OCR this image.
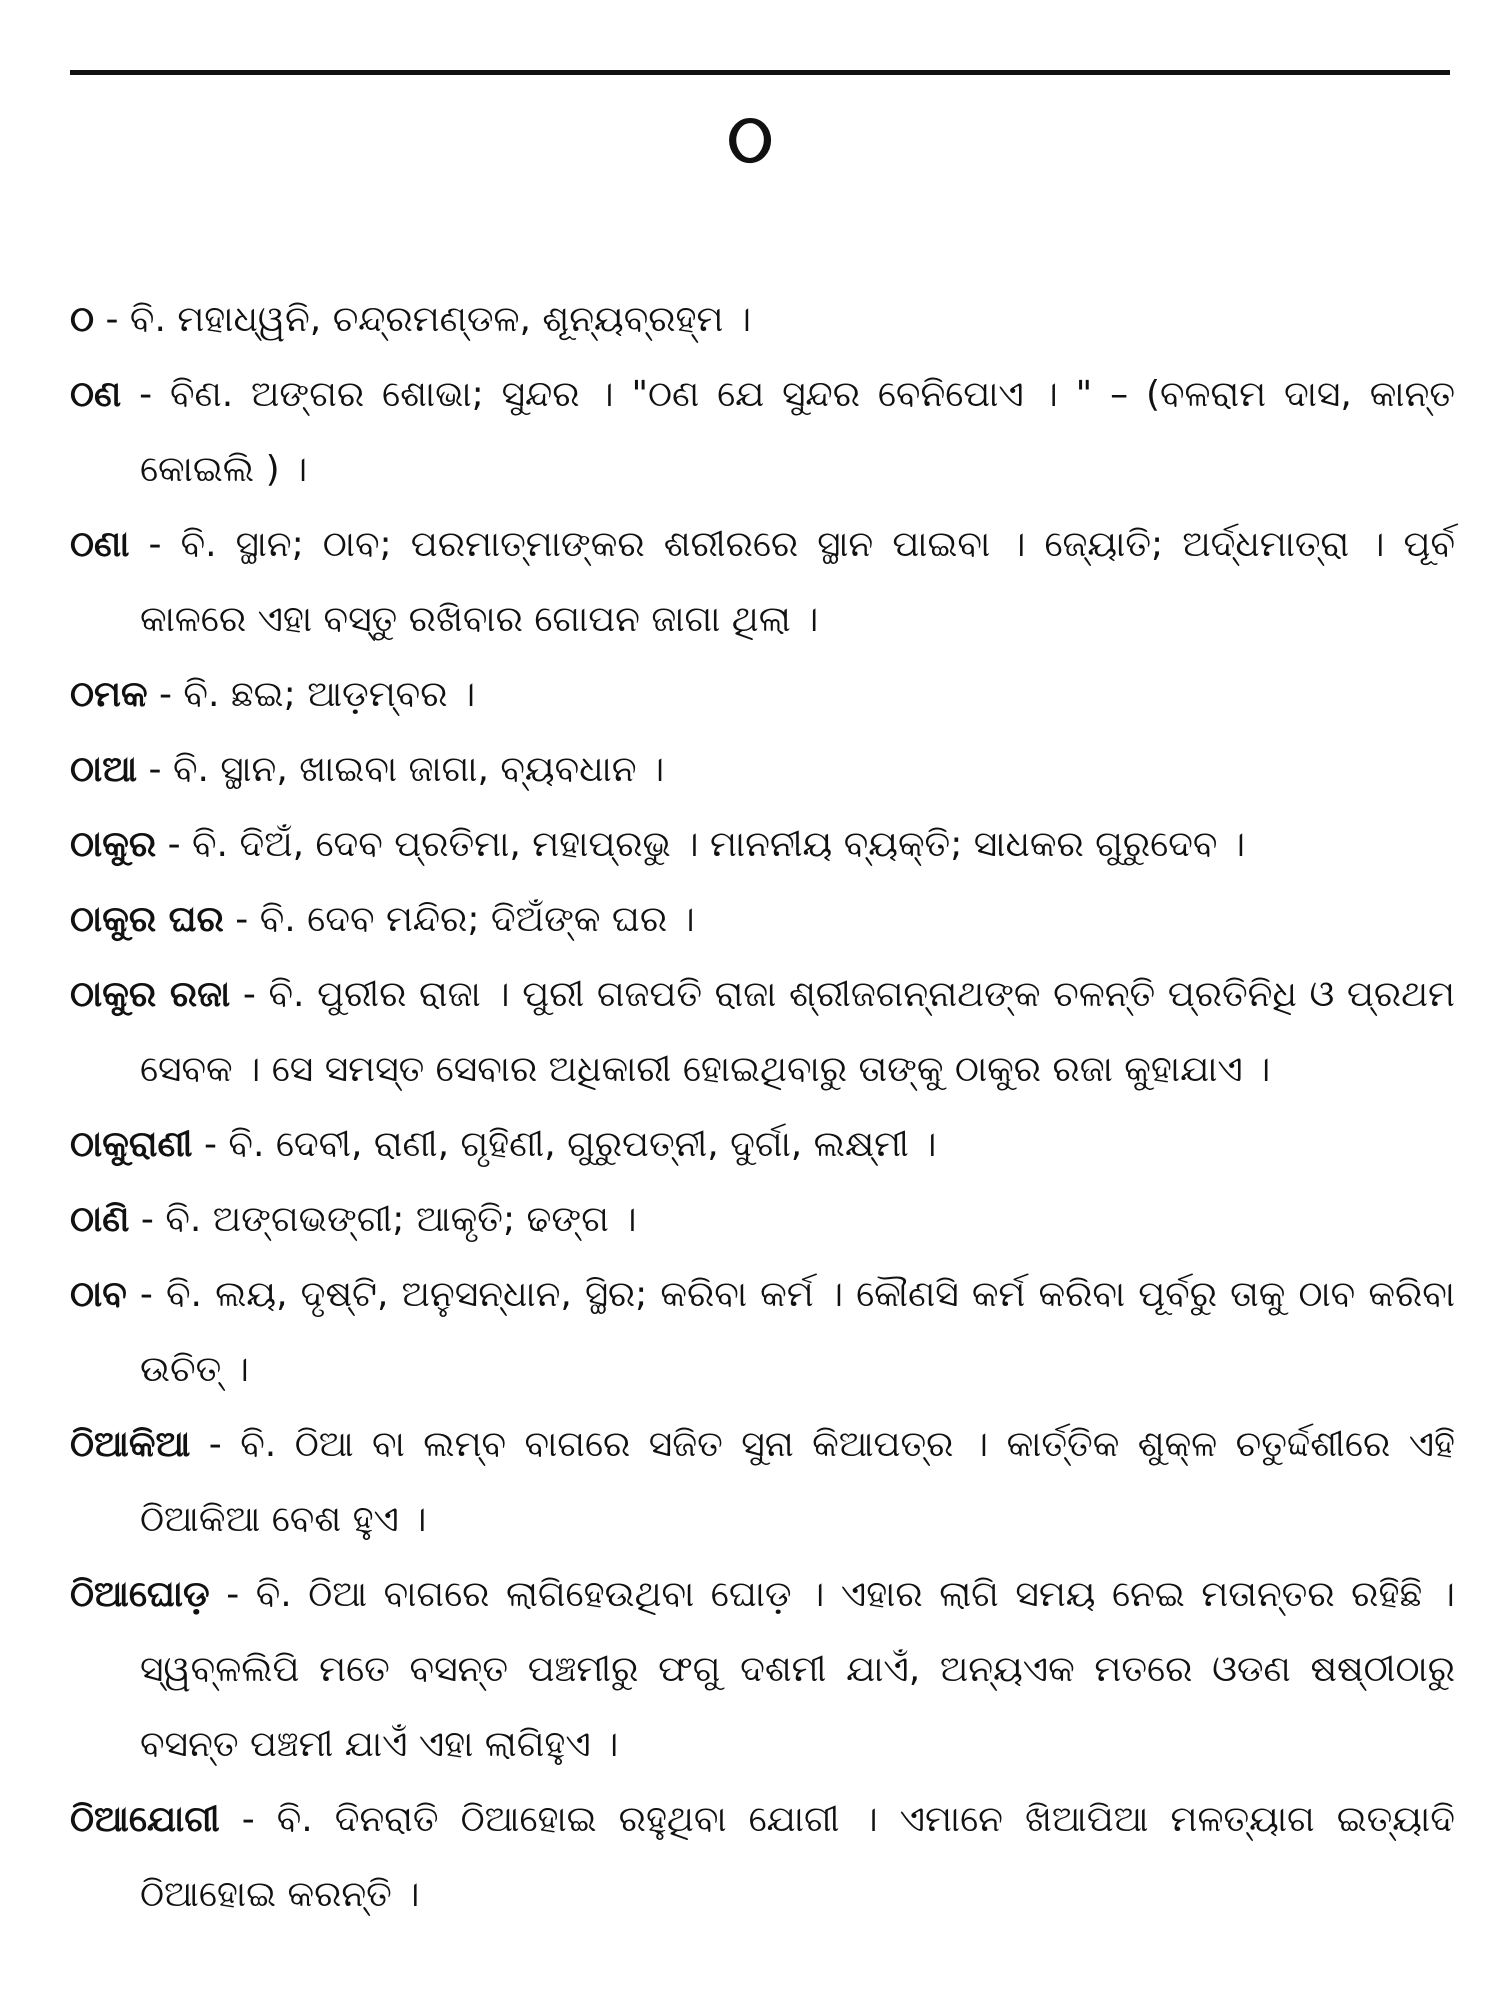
ଠ
ଠ - ବି. ମହାଧ୍ୱନି, ଚନ୍ଦ୍ରମଣ୍ଡଳ, ଶୂନ୍ୟବ୍ରହ୍ମ ।
ଠଣ - ବିଣ. ଅଙ୍ଗର ଶୋଭା; ସୁନ୍ଦର । "ଠଣ ଯେ ସୁନ୍ଦର ବେନିପୋଏ । " – (ବଳରାମ ଦାସ, କାନ୍ତ କୋଇଲି ) ।
ଠଣା - ବି. ସ୍ଥାନ; ଠାବ; ପରମାତ୍ମାଙ୍କର ଶରୀରରେ ସ୍ଥାନ ପାଇବା । ଜ୍ୟୋତି; ଅର୍ଦ୍ଧମାତ୍ରା । ପୂର୍ବ କାଳରେ ଏହା ବସ୍ତୁ ରଖିବାର ଗୋପନ ଜାଗା ଥିଲା ।
ଠମକ - ବି. ଛଇ; ଆଡ଼ମ୍ବର ।
ଠାଆ - ବି. ସ୍ଥାନ, ଖାଇବା ଜାଗା, ବ୍ୟବଧାନ ।
ଠାକୁର - ବି. ଦିଅଁ, ଦେବ ପ୍ରତିମା, ମହାପ୍ରଭୁ । ମାନନୀୟ ବ୍ୟକ୍ତି; ସାଧକର ଗୁରୁଦେବ ।
ଠାକୁର ଘର - ବି. ଦେବ ମନ୍ଦିର; ଦିଅଁଙ୍କ ଘର ।
ଠାକୁର ରଜା - ବି. ପୁରୀର ରାଜା । ପୁରୀ ଗଜପତି ରାଜା ଶ୍ରୀଜଗନ୍ନାଥଙ୍କ ଚଳନ୍ତି ପ୍ରତିନିଧି ଓ ପ୍ରଥମ ସେବକ । ସେ ସମସ୍ତ ସେବାର ଅଧିକାରୀ ହୋଇଥିବାରୁ ତାଙ୍କୁ ଠାକୁର ରଜା କୁହାଯାଏ ।
ଠାକୁରାଣୀ - ବି. ଦେବୀ, ରାଣୀ, ଗୃହିଣୀ, ଗୁରୁପତ୍ନୀ, ଦୁର୍ଗା, ଲକ୍ଷ୍ମୀ ।
ଠାଣି - ବି. ଅଙ୍ଗଭଙ୍ଗୀ; ଆକୃତି; ଢଙ୍ଗ ।
ଠାବ - ବି. ଲୟ, ଦୃଷ୍ଟି, ଅନୁସନ୍ଧାନ, ସ୍ଥିର; କରିବା କର୍ମ । କୌଣସି କର୍ମ କରିବା ପୂର୍ବରୁ ତାକୁ ଠାବ କରିବା ଉଚିତ୍ ।
ଠିଆକିଆ - ବି. ଠିଆ ବା ଲମ୍ବ ବାଗରେ ସଜିତ ସୁନା କିଆପତ୍ର । କାର୍ତ୍ତିକ ଶୁକ୍ଳ ଚତୁର୍ଦ୍ଦଶୀରେ ଏହି ଠିଆକିଆ ବେଶ ହୁଏ ।
ଠିଆଘୋଡ଼ - ବି. ଠିଆ ବାଗରେ ଲାଗିହେଉଥିବା ଘୋଡ଼ । ଏହାର ଲାଗି ସମୟ ନେଇ ମତାନ୍ତର ରହିଛି । ସ୍ୱବ୍ଳଲିପି ମତେ ବସନ୍ତ ପଞ୍ଚମୀରୁ ଫଗୁ ଦଶମୀ ଯାଏଁ, ଅନ୍ୟଏକ ମତରେ ଓଡଣ ଷଷ୍ଠୀଠାରୁ ବସନ୍ତ ପଞ୍ଚମୀ ଯାଏଁ ଏହା ଲାଗିହୁଏ ।
ଠିଆଯୋଗୀ - ବି. ଦିନରାତି ଠିଆହୋଇ ରହୁଥିବା ଯୋଗୀ । ଏମାନେ ଖିଆପିଆ ମଳତ୍ୟାଗ ଇତ୍ୟାଦି ଠିଆହୋଇ କରନ୍ତି ।
